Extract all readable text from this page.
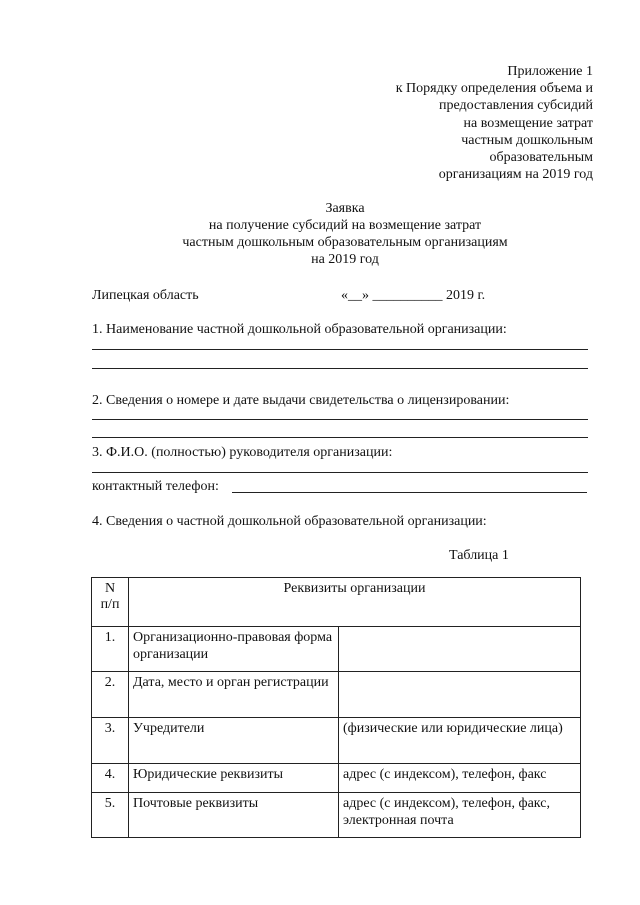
Приложение 1
к Порядку определения объема и
предоставления субсидий
на возмещение затрат
частным дошкольным
образовательным
организациям на 2019 год
Заявка
на получение субсидий на возмещение затрат
частным дошкольным образовательным организациям
на 2019 год
Липецкая область	«__» __________ 2019 г.
1. Наименование частной дошкольной образовательной организации:
2. Сведения о номере и дате выдачи свидетельства о лицензировании:
3. Ф.И.О. (полностью) руководителя организации:
контактный телефон:
4. Сведения о частной дошкольной образовательной организации:
Таблица 1
N п/п	Реквизиты организации	
1.	Организационно-правовая форма организации	
2.	Дата, место и орган регистрации	
3.	Учредители	(физические или юридические лица)
4.	Юридические реквизиты	адрес (с индексом), телефон, факс
5.	Почтовые реквизиты	адрес (с индексом), телефон, факс, электронная почта
